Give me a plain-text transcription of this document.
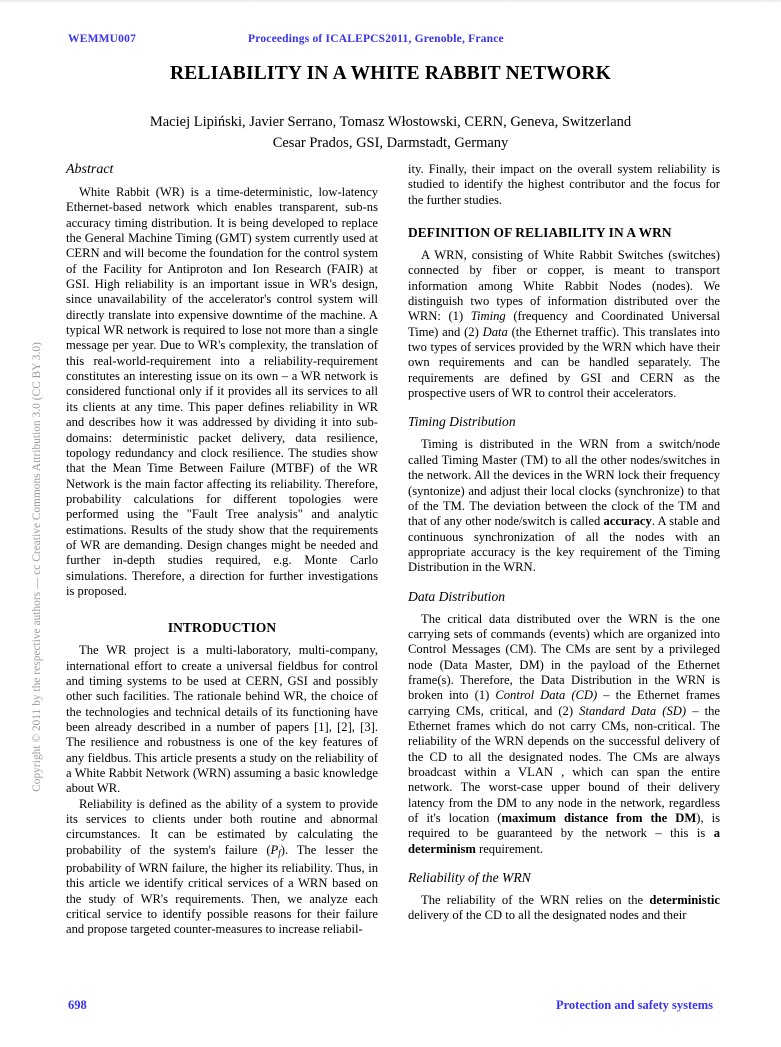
WEMMU007	Proceedings of ICALEPCS2011, Grenoble, France
RELIABILITY IN A WHITE RABBIT NETWORK
Maciej Lipiński, Javier Serrano, Tomasz Włostowski, CERN, Geneva, Switzerland
Cesar Prados, GSI, Darmstadt, Germany
Copyright © 2011 by the respective authors — cc Creative Commons Attribution 3.0 (CC BY 3.0)
Abstract

White Rabbit (WR) is a time-deterministic, low-latency Ethernet-based network which enables transparent, sub-ns accuracy timing distribution. It is being developed to replace the General Machine Timing (GMT) system currently used at CERN and will become the foundation for the control system of the Facility for Antiproton and Ion Research (FAIR) at GSI. High reliability is an important issue in WR's design, since unavailability of the accelerator's control system will directly translate into expensive downtime of the machine. A typical WR network is required to lose not more than a single message per year. Due to WR's complexity, the translation of this real-world-requirement into a reliability-requirement constitutes an interesting issue on its own – a WR network is considered functional only if it provides all its services to all its clients at any time. This paper defines reliability in WR and describes how it was addressed by dividing it into sub-domains: deterministic packet delivery, data resilience, topology redundancy and clock resilience. The studies show that the Mean Time Between Failure (MTBF) of the WR Network is the main factor affecting its reliability. Therefore, probability calculations for different topologies were performed using the "Fault Tree analysis" and analytic estimations. Results of the study show that the requirements of WR are demanding. Design changes might be needed and further in-depth studies required, e.g. Monte Carlo simulations. Therefore, a direction for further investigations is proposed.

INTRODUCTION

The WR project is a multi-laboratory, multi-company, international effort to create a universal fieldbus for control and timing systems to be used at CERN, GSI and possibly other such facilities. The rationale behind WR, the choice of the technologies and technical details of its functioning have been already described in a number of papers [1], [2], [3]. The resilience and robustness is one of the key features of any fieldbus. This article presents a study on the reliability of a White Rabbit Network (WRN) assuming a basic knowledge about WR.

Reliability is defined as the ability of a system to provide its services to clients under both routine and abnormal circumstances. It can be estimated by calculating the probability of the system's failure $(P_f)$. The lesser the probability of WRN failure, the higher its reliability. Thus, in this article we identify critical services of a WRN based on the study of WR's requirements. Then, we analyze each critical service to identify possible reasons for their failure and propose targeted counter-measures to increase reliabil-

ity. Finally, their impact on the overall system reliability is studied to identify the highest contributor and the focus for the further studies.

DEFINITION OF RELIABILITY IN A WRN

A WRN, consisting of White Rabbit Switches (switches) connected by fiber or copper, is meant to transport information among White Rabbit Nodes (nodes). We distinguish two types of information distributed over the WRN: (1) Timing (frequency and Coordinated Universal Time) and (2) Data (the Ethernet traffic). This translates into two types of services provided by the WRN which have their own requirements and can be handled separately. The requirements are defined by GSI and CERN as the prospective users of WR to control their accelerators.

Timing Distribution

Timing is distributed in the WRN from a switch/node called Timing Master (TM) to all the other nodes/switches in the network. All the devices in the WRN lock their frequency (syntonize) and adjust their local clocks (synchronize) to that of the TM. The deviation between the clock of the TM and that of any other node/switch is called accuracy. A stable and continuous synchronization of all the nodes with an appropriate accuracy is the key requirement of the Timing Distribution in the WRN.

Data Distribution

The critical data distributed over the WRN is the one carrying sets of commands (events) which are organized into Control Messages (CM). The CMs are sent by a privileged node (Data Master, DM) in the payload of the Ethernet frame(s). Therefore, the Data Distribution in the WRN is broken into (1) Control Data (CD) – the Ethernet frames carrying CMs, critical, and (2) Standard Data (SD) – the Ethernet frames which do not carry CMs, non-critical. The reliability of the WRN depends on the successful delivery of the CD to all the designated nodes. The CMs are always broadcast within a VLAN , which can span the entire network. The worst-case upper bound of their delivery latency from the DM to any node in the network, regardless of it's location (maximum distance from the DM), is required to be guaranteed by the network – this is a determinism requirement.

Reliability of the WRN

The reliability of the WRN relies on the deterministic delivery of the CD to all the designated nodes and their

698	Protection and safety systems
